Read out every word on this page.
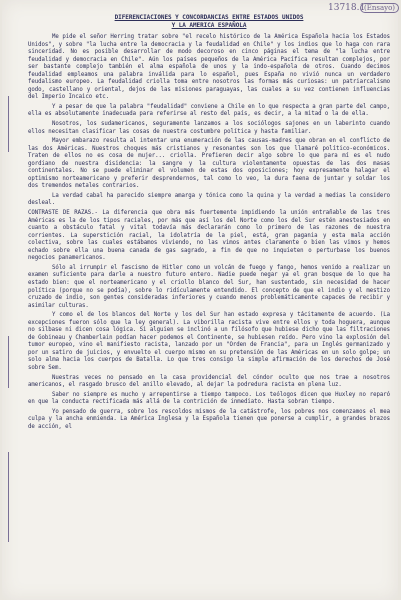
13718.1
(Ensayo)
DIFERENCIACIONES Y CONCORDANCIAS ENTRE ESTADOS UNIDOS
Y LA AMERICA ESPAÑOLA

Me pide el señor Herring tratar sobre "el recelo histórico de la América Española hacia los Estados Unidos", y sobre "la lucha entre la democracia y la feudalidad en Chile" y los indios que lo haga con rara sinceridad. No es posible desarrollar de modo decoroso en cinco páginas el tema de "la lucha entre feudalidad y democracia en Chile". Aún los países pequeños de la América Pacífica resultan complejos, por ser bastante complejo también el alma española de unos y la indo-española de otros. Cuando decimos feudalidad empleamos una palabra inválida para lo español, pues España no vivió nunca un verdadero feudalismo europeo. La feudalidad criolla toma entre nosotros las formas más curiosas: un patriarcalismo godo, castellano y oriental, dejos de las misiones paraguayas, las cuales a su vez contienen influencias del Imperio Incaico etc.

Y a pesar de que la palabra "feudalidad" conviene a Chile en lo que respecta a gran parte del campo, ella es absolutamente inadecuada para referirse al resto del país, es decir, a la mitad o la de ella.

Nosotros, los sudamericanos, seguramente lanzamos a los sociólogos sajones en un laberinto cuando ellos necesitan clasificar las cosas de nuestra costumbre política y hasta familiar.

Mayor embarazo resulta al intentar una enumeración de las causas-madres que obran en el conflicto de las dos Américas. Nuestros choques más cristianos y resonantes son los que llamaré político-económicos. Traten de ellos no es cosa de mujer... criolla. Prefieren decir algo sobre lo que para mí es el nudo gordiano de nuestra disidencia: la sangre y la cultura violentamente opuestas de las dos masas continentales. No se puede eliminar el volumen de estas dos oposiciones; hoy expresamente halagar el optimismo norteamericano y preferir desprendernos, tal como lo veo, la dura faena de juntar y soldar los dos tremendos metales contrarios.

La verdad cabal ha parecido siempre amarga y tónica como la quina y la verdad a medias la considero desleal.

CONTRASTE DE RAZAS.- La diferencia que obra más fuertemente impidiendo la unión entrañable de las tres Américas es la de los tipos raciales, por más que así los del Norte como los del Sur estén anestesiados en cuanto a obstáculo fatal y vital todavía más declararán como lo primero de las razones de nuestra corrientes. La superstición racial, la idolatría de la piel, está, gran pagania y esta mala acción colectiva, sobre las cuales estábamos viviendo, no las vimos antes claramente o bien las vimos y hemos echado sobre ella una buena canada de gas sagrado, a fin de que no inquieten o perturbase los buenos negocios panamericanos.

Sólo al irrumpir el fascismo de Hitler como un volcán de fuego y fango, hemos venido a realizar un examen suficiente para darle a nuestro futuro entero. Nadie puede negar ya el gran bosque de lo que ha estado bien: que el norteamericano y el criollo blanco del Sur, han sustentado, sin necesidad de hacer política (porque no se podía), sobre lo ridículamente entendido. El concepto de que el indio y el mestizo cruzado de indio, son gentes consideradas inferiores y cuando menos problemáticamente capaces de recibir y asimilar culturas.

Y como el de los blancos del Norte y los del Sur han estado expresa y tácitamente de acuerdo. (La excepciones fueron sólo que la ley general). La viborilla racista vive entre ellos y toda hoguera, aunque no silbase ni dicen cosa lógica. Si alguien se inclinó a un filósofo que hubiese dicho que las filtraciones de Gobineau y Chamberlain podían hacer podemos el Continente, se hubiesen reído. Pero vino la explosión del tumor europeo, vino el manifiesto racista, lanzado por un "Orden de Francia", para un Inglés germanizado y por un satiro de juicios, y envuelto el cuerpo mismo en su pretensión de las Américas en un solo golpe; un solo alma hacia los cuerpos de Batalla. Lo que tres consigo la simple afirmación de los derechos de José sobre Sem.

Nuestras veces no pensado en la casa providencial del cóndor oculto que nos trae a nosotros americanos, el rasgado brusco del anillo elevado, al dejar la podredura racista en plena luz.

Saber no siempre es mucho y arrepentirse a tiempo tampoco. Los teólogos dicen que Huxley no reparó en que la conducta rectificada más allá de la contrición de inmediato. Hasta sobran tiempo.

Yo pensado de guerra, sobre los rescoldos mismos de la catástrofe, los pobres nos comenzamos el mea culpa y la ancha enmienda. La América Inglesa y la Española tienen que ponerse a cumplir, a grandes brazos de acción, el
